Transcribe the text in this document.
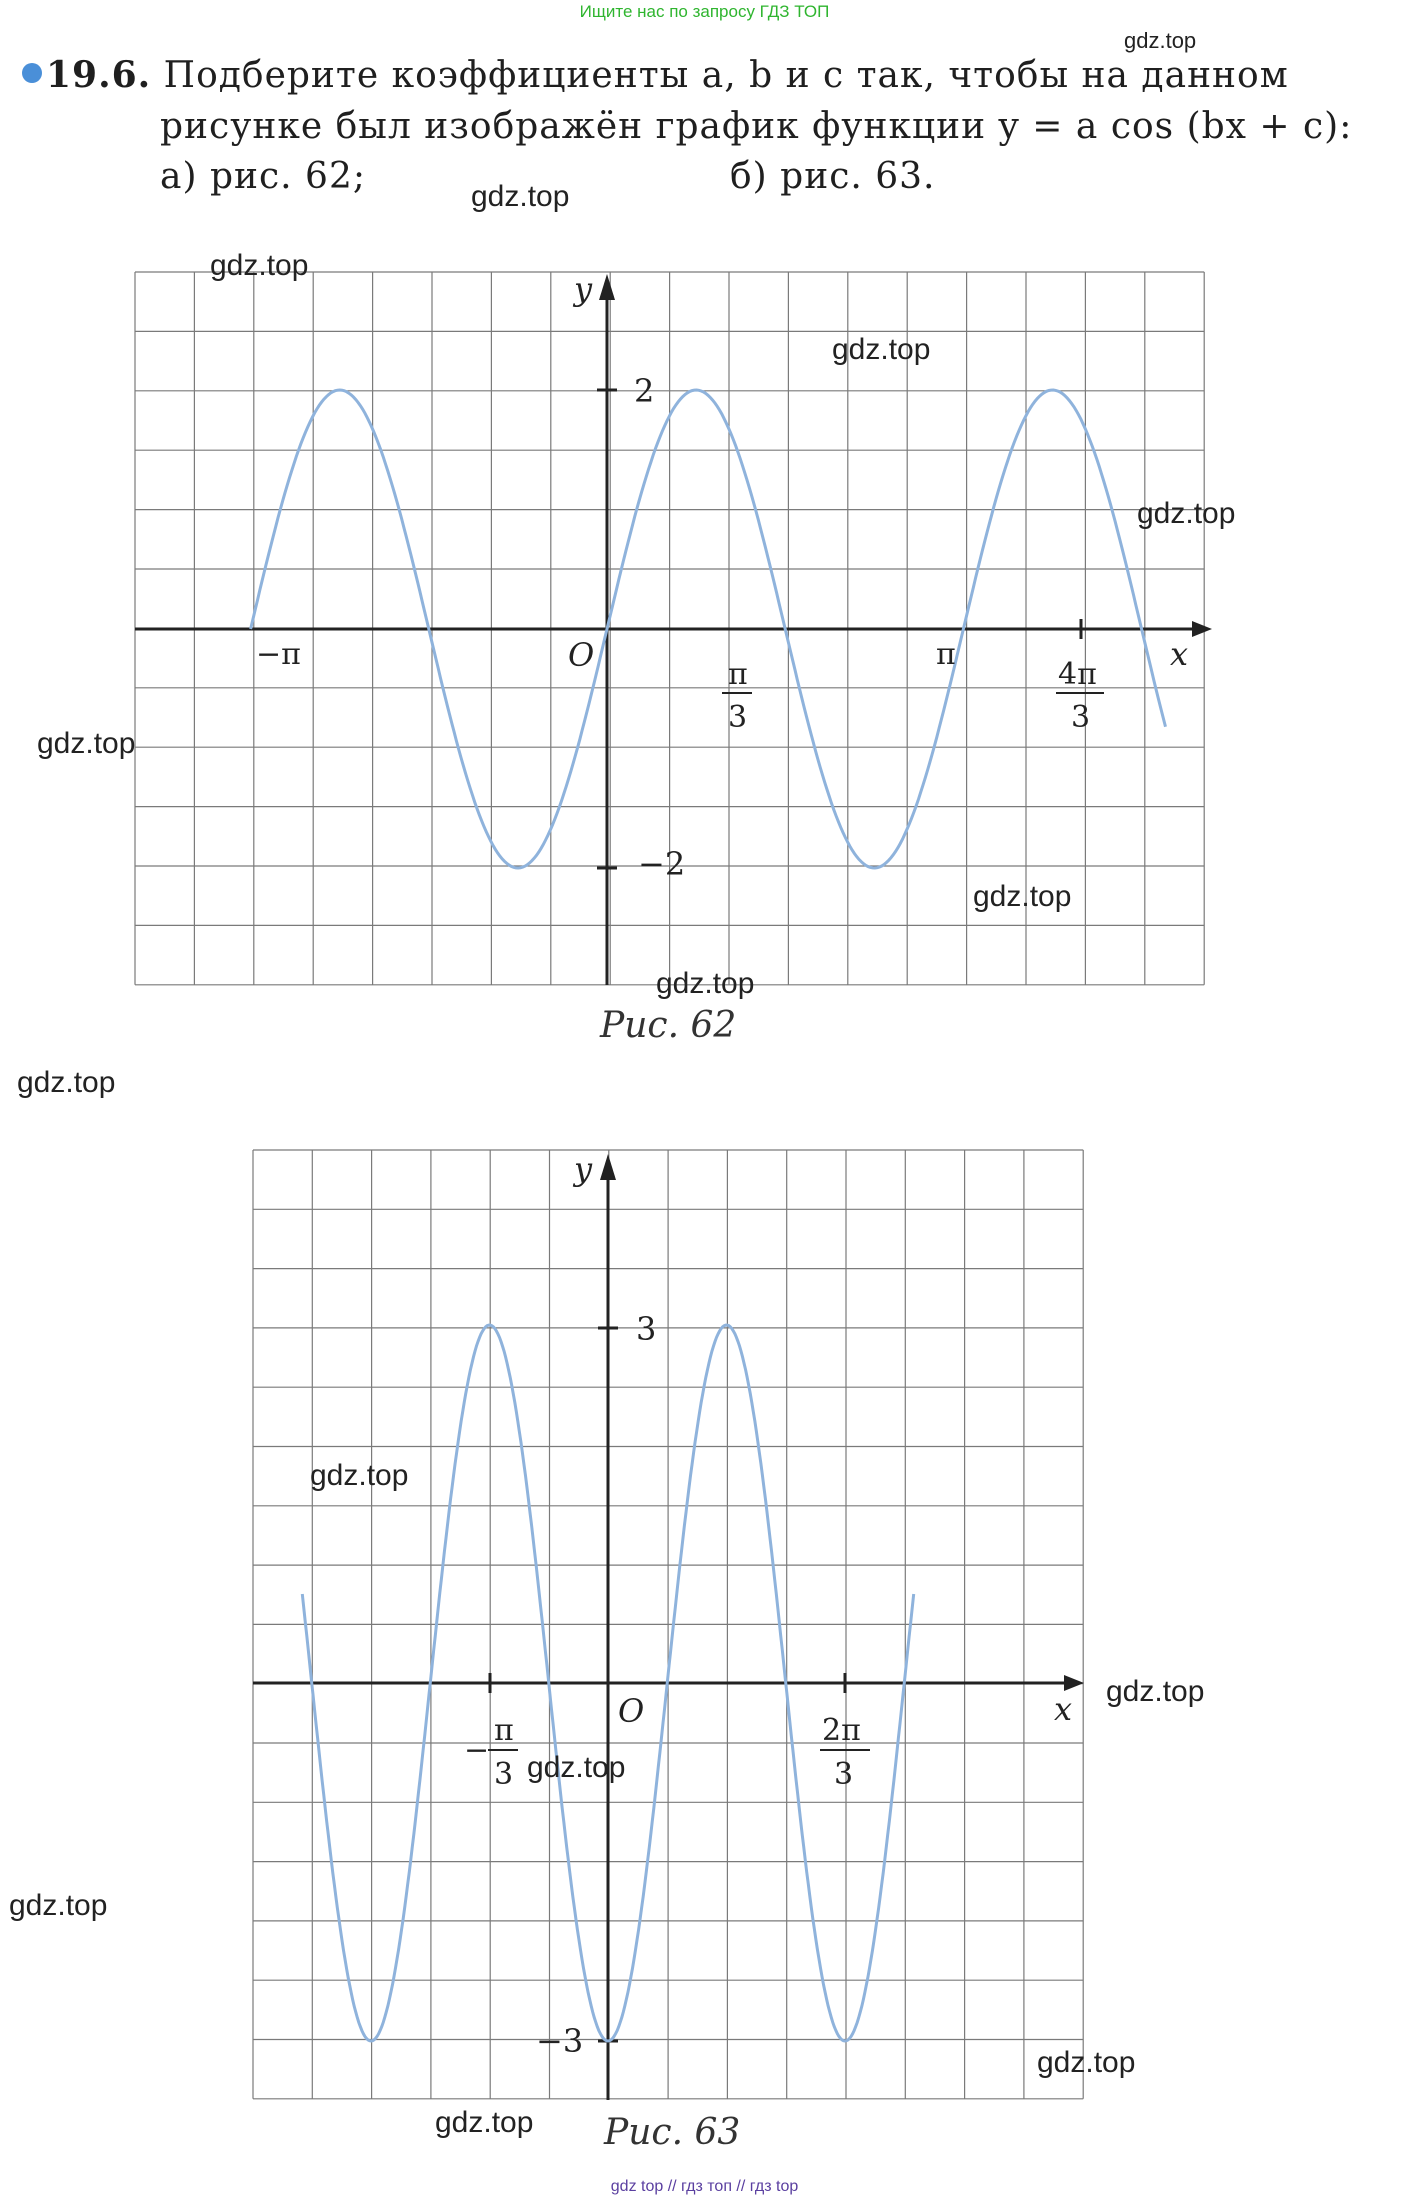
Ищите нас по запросу ГДЗ ТОП
19.6. Подберите коэффициенты a, b и c так, чтобы на данном
рисунке был изображён график функции y = a cos (bx + c):
а) рис. 62;	б) рис. 63.
y
x
O
2
−2
−π	π
π
3
4π
3
y
x
O
3
−3
−
π
3
2π
3
Рис. 62
Рис. 63
gdz.top
gdz.top
gdz.top
gdz.top
gdz.top
gdz.top
gdz.top
gdz.top
gdz.top
gdz.top
gdz.top
gdz.top
gdz.top
gdz.top
gdz.top
gdz top // гдз топ // гдз top
